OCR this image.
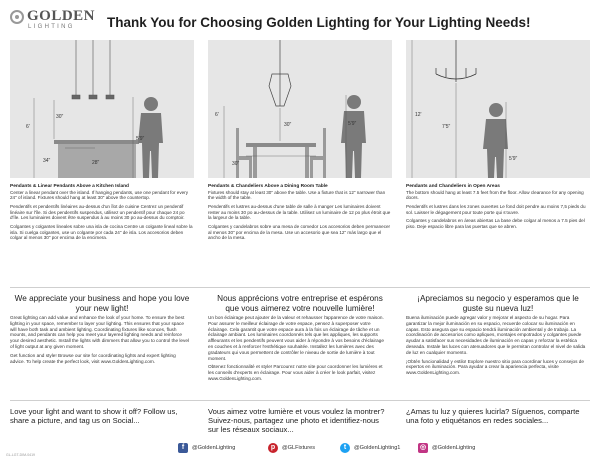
GOLDEN
LIGHTING Thank You for Choosing Golden Lighting for Your Lighting Needs!
30"
6'
5'9"
34"	28"
6'
30"	5'9"
30"
12'
7'5"
5'9"

Pendants & Linear Pendants Above a Kitchen Island
Center a linear pendant over the island. If hanging pendants, use one pendant for every 24" of island. Fixtures should hang at least 30" above the countertop.

Pendentifs et pendentifs linéaires au-dessus d'un îlot de cuisine Centrez un pendentif linéaire sur l'île. Si des pendentifs suspendus, utilisez un pendentif pour chaque 24 po d'île. Les luminaires doivent être suspendus à au moins 30 po au-dessus du comptoir.

Colgantes y colgantes lineales sobre una isla de cocina Centre un colgante lineal sobre la isla. Si cuelga colgantes, use un colgante por cada 24" de isla. Los accesorios deben colgar al menos 30" por encima de la encimera.

Pendants & Chandeliers Above a Dining Room Table
Fixtures should stay at least 30" above the table. Use a fixture that is 12" narrower than the width of the table.

Pendentifs et lustres au-dessus d'une table de salle à manger Les luminaires doivent rester au moins 30 po au-dessus de la table. Utilisez un luminaire de 12 po plus étroit que la largeur de la table.

Colgantes y candelabros sobre una mesa de comedor Los accesorios deben permanecer al menos 30" por encima de la mesa. Use un accesorio que sea 12" más largo que el ancho de la mesa.

Pendants and Chandeliers in Open Areas
The bottom should hang at least 7.5 feet from the floor. Allow clearance for any opening doors.

Pendentifs et lustres dans les zones ouvertes Le fond doit pendre au moins 7,5 pieds du sol. Laisser le dégagement pour toute porte qui s'ouvre.

Colgantes y candelabros en áreas abiertas La base debe colgar al menos a 7.5 pies del piso. Deje espacio libre para las puertas que se abren.

We appreciate your business and hope you love your new light!
Nous apprécions votre entreprise et espérons que vous aimerez votre nouvelle lumière!
¡Apreciamos su negocio y esperamos que le guste su nueva luz!

Great lighting can add value and enhance the look of your home. To ensure the best lighting in your space, remember to layer your lighting. This ensures that your space will have both task and ambient lighting. Coordinating fixtures like sconces, flush mounts, and pendants can help you meet your layered lighting needs and reinforce your desired aesthetic. Install the lights with dimmers that allow you to control the level of light output at any given moment.

Get function and style! Browse our site for coordinating lights and expert lighting advice. To help create the perfect look, visit www.GoldenLighting.com.

Un bon éclairage peut ajouter de la valeur et rehausser l'apparence de votre maison. Pour assurer le meilleur éclairage de votre espace, pensez à superposer votre éclairage. Cela garantit que votre espace aura à la fois un éclairage de tâche et un éclairage ambiant. Les luminaires coordonnés tels que les appliques, les supports affleurants et les pendentifs peuvent vous aider à répondre à vos besoins d'éclairage en couches et à renforcer l'esthétique souhaitée. Installez les lumières avec des gradateurs qui vous permettent de contrôler le niveau de sortie de lumière à tout moment.

Obtenez fonctionnalité et style! Parcourez notre site pour coordonner les lumières et les conseils d'experts en éclairage. Pour vous aider à créer le look parfait, visitez www.GoldenLighting.com.

Buena iluminación puede agregar valor y mejorar el aspecto de su hogar. Para garantizar la mejor iluminación en su espacio, recuerde colocar su iluminación en capas. Esto asegura que su espacio tendrá iluminación ambiental y de trabajo. La coordinación de accesorios como apliques, montajes empotrados y colgantes puede ayudar a satisfacer sus necesidades de iluminación en capas y reforzar la estética deseada. Instale las luces con atenuadores que le permitan controlar el nivel de salida de luz en cualquier momento.

¡Obtén funcionalidad y estilo! Explore nuestro sitio para coordinar luces y consejos de expertos en iluminación. Para ayudar a crear la apariencia perfecta, visite www.GoldenLighting.com.

Love your light and want to show it off? Follow us, share a picture, and tag us on Social...
Vous aimez votre lumière et vous voulez la montrer? Suivez-nous, partagez une photo et identifiez-nous sur les réseaux sociaux...
¿Amas tu luz y quieres lucirla? Síguenos, comparte una foto y etiquétanos en redes sociales...
f	@GoldenLighting	p	@GLFixtures	t	@GoldenLighting1	◎	@GoldenLighting
GL-LGT-DIM-0419
